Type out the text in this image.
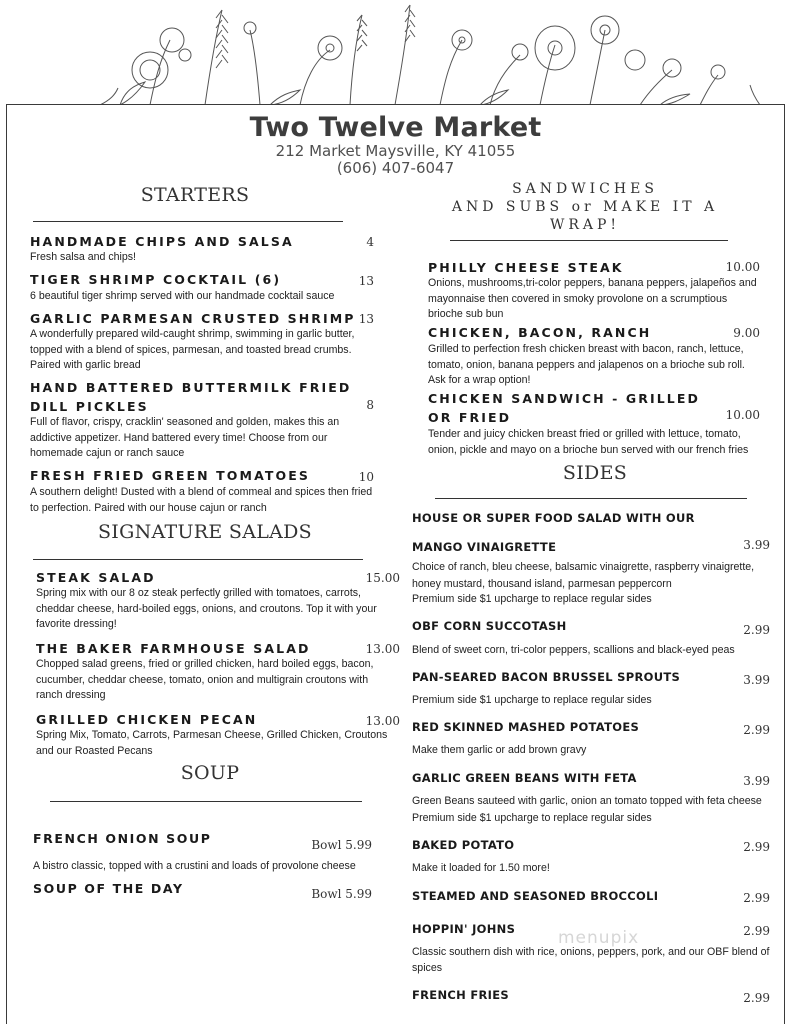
Two Twelve Market
212 Market Maysville, KY 41055
(606) 407-6047
STARTERS
HANDMADE CHIPS AND SALSA	4
Fresh salsa and chips!
TIGER SHRIMP COCKTAIL (6)	13
6 beautiful tiger shrimp served with our handmade cocktail sauce
GARLIC PARMESAN CRUSTED SHRIMP 13
A wonderfully prepared wild-caught shrimp, swimming in garlic butter, topped with a blend of spices, parmesan, and toasted bread crumbs. Paired with garlic bread
HAND BATTERED BUTTERMILK FRIED DILL PICKLES	8
Full of flavor, crispy, cracklin' seasoned and golden, makes this an addictive appetizer. Hand battered every time! Choose from our homemade cajun or ranch sauce
FRESH FRIED GREEN TOMATOES	10
A southern delight! Dusted with a blend of commeal and spices then fried to perfection. Paired with our house cajun or ranch
SIGNATURE SALADS
STEAK SALAD	15.00
Spring mix with our 8 oz steak perfectly grilled with tomatoes, carrots, cheddar cheese, hard-boiled eggs, onions, and croutons. Top it with your favorite dressing!
THE BAKER FARMHOUSE SALAD	13.00
Chopped salad greens, fried or grilled chicken, hard boiled eggs, bacon, cucumber, cheddar cheese, tomato, onion and multigrain croutons with ranch dressing
GRILLED CHICKEN PECAN	13.00
Spring Mix, Tomato, Carrots, Parmesan Cheese, Grilled Chicken, Croutons and our Roasted Pecans
SOUP
FRENCH ONION SOUP	Bowl 5.99
A bistro classic, topped with a crustini and loads of provolone cheese
SOUP OF THE DAY	Bowl 5.99
SANDWICHES
AND SUBS or MAKE IT A
WRAP!
PHILLY CHEESE STEAK	10.00
Onions, mushrooms,tri-color peppers, banana peppers, jalapeños and mayonnaise then covered in smoky provolone on a scrumptious brioche sub bun
CHICKEN, BACON, RANCH	9.00
Grilled to perfection fresh chicken breast with bacon, ranch, lettuce, tomato, onion, banana peppers and jalapenos on a brioche sub roll. Ask for a wrap option!
CHICKEN SANDWICH - GRILLED OR FRIED	10.00
Tender and juicy chicken breast fried or grilled with lettuce, tomato, onion, pickle and mayo on a brioche bun served with our french fries
SIDES
HOUSE OR SUPER FOOD SALAD WITH OUR MANGO VINAIGRETTE	3.99
Choice of ranch, bleu cheese, balsamic vinaigrette, raspberry vinaigrette, honey mustard, thousand island, parmesan peppercorn
Premium side $1 upcharge to replace regular sides
OBF CORN SUCCOTASH	2.99
Blend of sweet corn, tri-color peppers, scallions and black-eyed peas
PAN-SEARED BACON BRUSSEL SPROUTS	3.99
Premium side $1 upcharge to replace regular sides
RED SKINNED MASHED POTATOES	2.99
Make them garlic or add brown gravy
GARLIC GREEN BEANS WITH FETA	3.99
Green Beans sauteed with garlic, onion an tomato topped with feta cheese
Premium side $1 upcharge to replace regular sides
BAKED POTATO	2.99
Make it loaded for 1.50 more!
STEAMED AND SEASONED BROCCOLI	2.99
HOPPIN' JOHNS	2.99
Classic southern dish with rice, onions, peppers, pork, and our OBF blend of spices
FRENCH FRIES	2.99
menupix
